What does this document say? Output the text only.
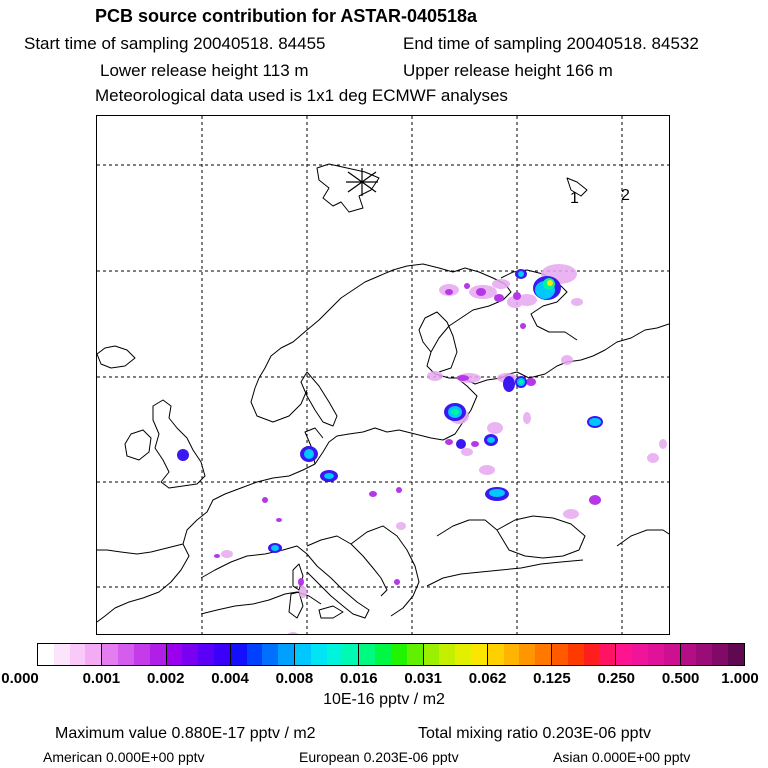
PCB source contribution for ASTAR-040518a
Start time of sampling 20040518. 84455	End time of sampling 20040518. 84532
Lower release height 113 m	Upper release height 166 m
Meteorological data used is 1x1 deg ECMWF analyses
1	2
0.000	0.001 0.002 0.004 0.008 0.016 0.031 0.062 0.125 0.250 0.500 1.000
10E-16 pptv / m2
Maximum value 0.880E-17 pptv / m2	Total mixing ratio 0.203E-06 pptv
American 0.000E+00 pptv	European 0.203E-06 pptv	Asian 0.000E+00 pptv
